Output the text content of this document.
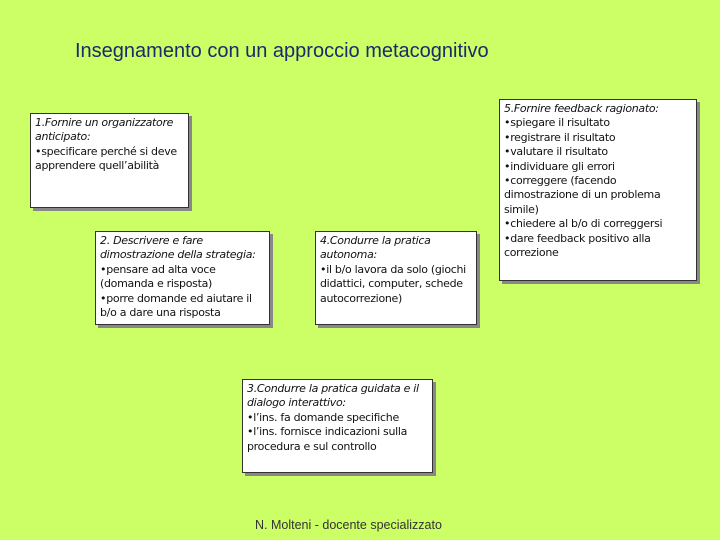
Insegnamento con un approccio metacognitivo
1.Fornire un organizzatore anticipato:
• specificare perché si deve apprendere quell’abilità
2. Descrivere e fare dimostrazione della strategia:
• pensare ad alta voce (domanda e risposta)
• porre domande ed aiutare il b/o a dare una risposta
3.Condurre la pratica guidata e il dialogo interattivo:
• l’ins. fa domande specifiche
• l’ins. fornisce indicazioni sulla procedura e sul controllo
4.Condurre la pratica autonoma:
• il b/o lavora da solo (giochi didattici, computer, schede autocorrezione)
5.Fornire feedback ragionato:
• spiegare il risultato
• registrare il risultato
• valutare il risultato
• individuare gli errori
• correggere (facendo dimostrazione di un problema simile)
• chiedere al b/o di correggersi
• dare feedback positivo alla correzione
N. Molteni - docente specializzato
